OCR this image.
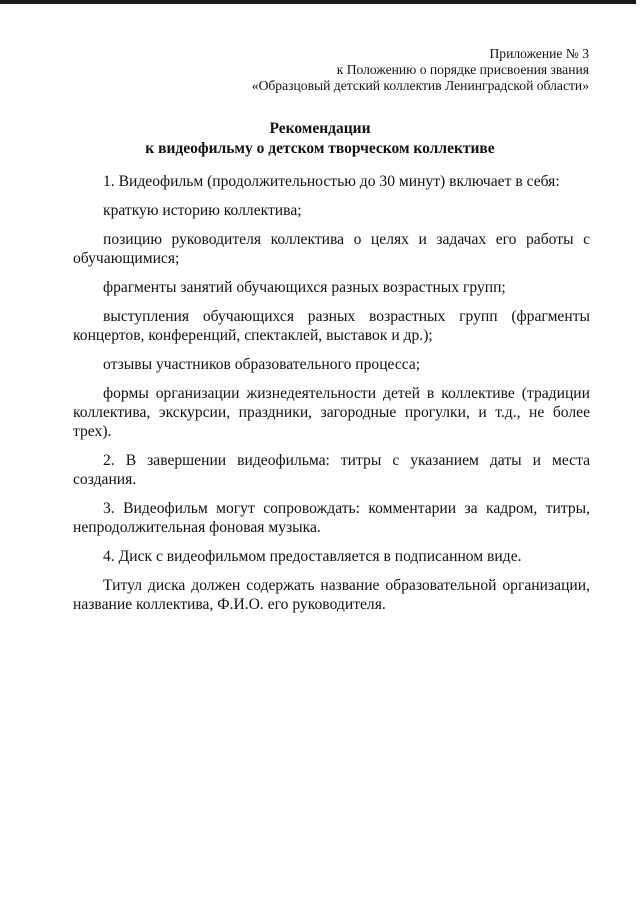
Приложение № 3
к Положению о порядке присвоения звания
«Образцовый детский коллектив Ленинградской области»
Рекомендации
к видеофильму о детском творческом коллективе

1. Видеофильм (продолжительностью до 30 минут) включает в себя:

краткую историю коллектива;

позицию руководителя коллектива о целях и задачах его работы с обучающимися;

фрагменты занятий обучающихся разных возрастных групп;

выступления обучающихся разных возрастных групп (фрагменты концертов, конференций, спектаклей, выставок и др.);

отзывы участников образовательного процесса;

формы организации жизнедеятельности детей в коллективе (традиции коллектива, экскурсии, праздники, загородные прогулки, и т.д., не более трех).

2. В завершении видеофильма: титры с указанием даты и места создания.

3. Видеофильм могут сопровождать: комментарии за кадром, титры, непродолжительная фоновая музыка.

4. Диск с видеофильмом предоставляется в подписанном виде.

Титул диска должен содержать название образовательной организации, название коллектива, Ф.И.О. его руководителя.
